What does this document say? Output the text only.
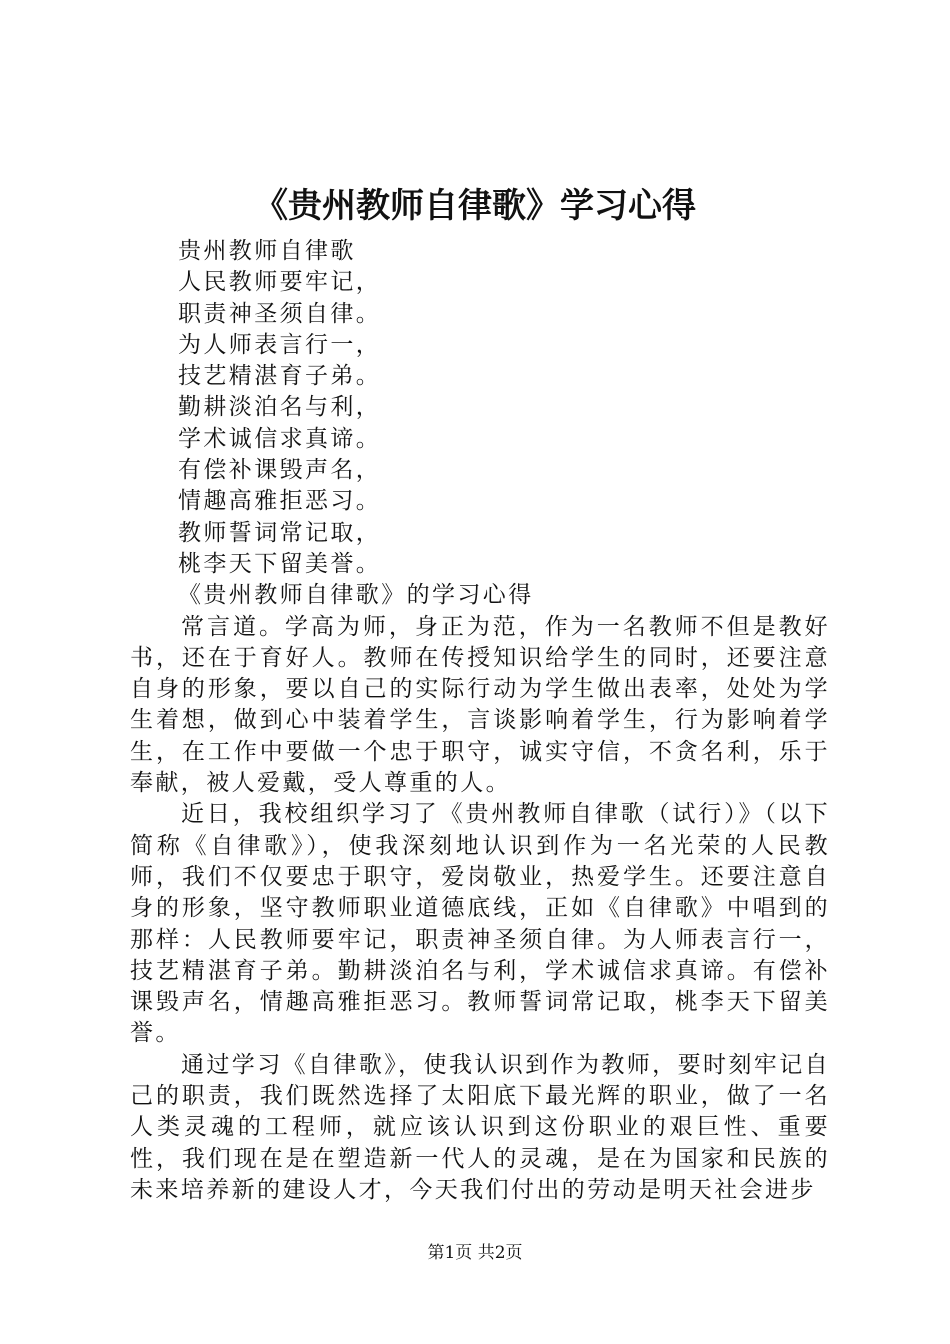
《贵州教师自律歌》学习心得

贵州教师自律歌

人民教师要牢记，

职责神圣须自律。

为人师表言行一，

技艺精湛育子弟。

勤耕淡泊名与利，

学术诚信求真谛。

有偿补课毁声名，

情趣高雅拒恶习。

教师誓词常记取，

桃李天下留美誉。

《贵州教师自律歌》的学习心得

常言道。学高为师，身正为范，作为一名教师不但是教好书，还在于育好人。教师在传授知识给学生的同时，还要注意自身的形象，要以自己的实际行动为学生做出表率，处处为学生着想，做到心中装着学生，言谈影响着学生，行为影响着学生，在工作中要做一个忠于职守，诚实守信，不贪名利，乐于奉献，被人爱戴，受人尊重的人。

近日，我校组织学习了《贵州教师自律歌（试行）》（以下简称《自律歌》），使我深刻地认识到作为一名光荣的人民教师，我们不仅要忠于职守，爱岗敬业，热爱学生。还要注意自身的形象，坚守教师职业道德底线，正如《自律歌》中唱到的那样：人民教师要牢记，职责神圣须自律。为人师表言行一，技艺精湛育子弟。勤耕淡泊名与利，学术诚信求真谛。有偿补课毁声名，情趣高雅拒恶习。教师誓词常记取，桃李天下留美誉。

通过学习《自律歌》，使我认识到作为教师，要时刻牢记自己的职责，我们既然选择了太阳底下最光辉的职业，做了一名人类灵魂的工程师，就应该认识到这份职业的艰巨性、重要性，我们现在是在塑造新一代人的灵魂，是在为国家和民族的未来培养新的建设人才，今天我们付出的劳动是明天社会进步

第1页 共2页
